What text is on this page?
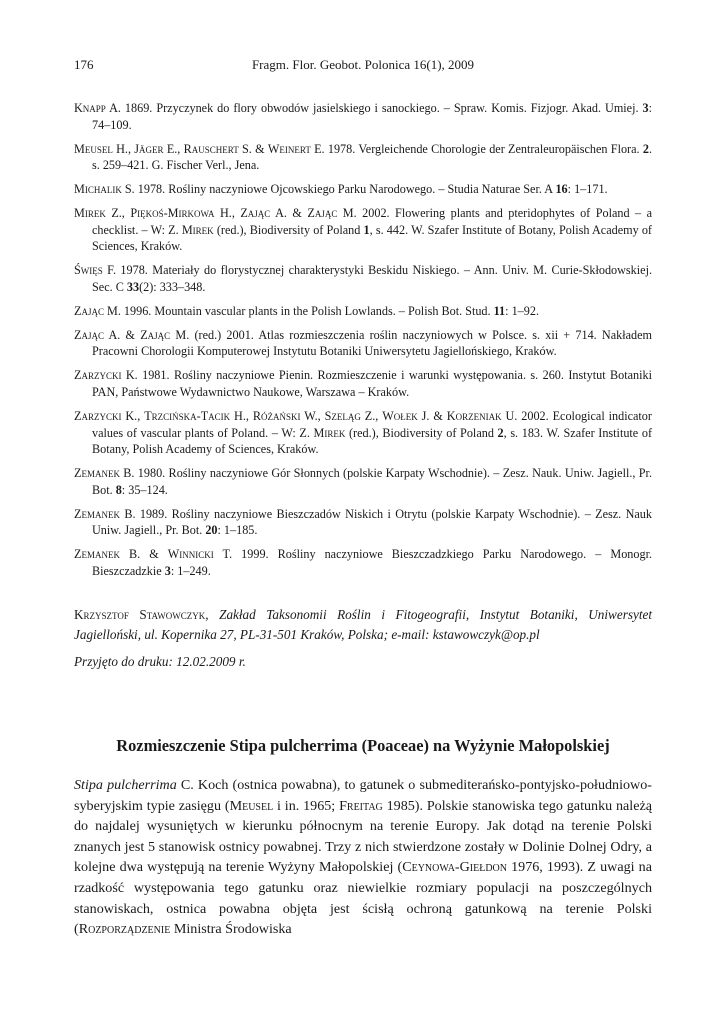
176	Fragm. Flor. Geobot. Polonica 16(1), 2009

Knapp A. 1869. Przyczynek do flory obwodów jasielskiego i sanockiego. – Spraw. Komis. Fizjogr. Akad. Umiej. 3: 74–109.

Meusel H., Jäger E., Rauschert S. & Weinert E. 1978. Vergleichende Chorologie der Zentraleuropäischen Flora. 2. s. 259–421. G. Fischer Verl., Jena.

Michalik S. 1978. Rośliny naczyniowe Ojcowskiego Parku Narodowego. – Studia Naturae Ser. A 16: 1–171.

Mirek Z., Piękoś-Mirkowa H., Zając A. & Zając M. 2002. Flowering plants and pteridophytes of Poland – a checklist. – W: Z. Mirek (red.), Biodiversity of Poland 1, s. 442. W. Szafer Institute of Botany, Polish Academy of Sciences, Kraków.

Święs F. 1978. Materiały do florystycznej charakterystyki Beskidu Niskiego. – Ann. Univ. M. Curie-Skłodowskiej. Sec. C 33(2): 333–348.

Zając M. 1996. Mountain vascular plants in the Polish Lowlands. – Polish Bot. Stud. 11: 1–92.

Zając A. & Zając M. (red.) 2001. Atlas rozmieszczenia roślin naczyniowych w Polsce. s. xii + 714. Nakładem Pracowni Chorologii Komputerowej Instytutu Botaniki Uniwersytetu Jagiellońskiego, Kraków.

Zarzycki K. 1981. Rośliny naczyniowe Pienin. Rozmieszczenie i warunki występowania. s. 260. Instytut Botaniki PAN, Państwowe Wydawnictwo Naukowe, Warszawa – Kraków.

Zarzycki K., Trzcińska-Tacik H., Różański W., Szeląg Z., Wołek J. & Korzeniak U. 2002. Ecological indicator values of vascular plants of Poland. – W: Z. Mirek (red.), Biodiversity of Poland 2, s. 183. W. Szafer Institute of Botany, Polish Academy of Sciences, Kraków.

Zemanek B. 1980. Rośliny naczyniowe Gór Słonnych (polskie Karpaty Wschodnie). – Zesz. Nauk. Uniw. Jagiell., Pr. Bot. 8: 35–124.

Zemanek B. 1989. Rośliny naczyniowe Bieszczadów Niskich i Otrytu (polskie Karpaty Wschodnie). – Zesz. Nauk Uniw. Jagiell., Pr. Bot. 20: 1–185.

Zemanek B. & Winnicki T. 1999. Rośliny naczyniowe Bieszczadzkiego Parku Narodowego. – Monogr. Bieszczadzkie 3: 1–249.

Krzysztof Stawowczyk, Zakład Taksonomii Roślin i Fitogeografii, Instytut Botaniki, Uniwersytet Jagielloński, ul. Kopernika 27, PL-31-501 Kraków, Polska; e-mail: kstawowczyk@op.pl
Przyjęto do druku: 12.02.2009 r.
Rozmieszczenie Stipa pulcherrima (Poaceae) na Wyżynie Małopolskiej
Stipa pulcherrima C. Koch (ostnica powabna), to gatunek o submediterańsko-pontyjsko-południowo-syberyjskim typie zasięgu (Meusel i in. 1965; Freitag 1985). Polskie stanowiska tego gatunku należą do najdalej wysuniętych w kierunku północnym na terenie Europy. Jak dotąd na terenie Polski znanych jest 5 stanowisk ostnicy powabnej. Trzy z nich stwierdzone zostały w Dolinie Dolnej Odry, a kolejne dwa występują na terenie Wyżyny Małopolskiej (Ceynowa-Giełdon 1976, 1993). Z uwagi na rzadkość występowania tego gatunku oraz niewielkie rozmiary populacji na poszczególnych stanowiskach, ostnica powabna objęta jest ścisłą ochroną gatunkową na terenie Polski (Rozporządzenie Ministra Środowiska
